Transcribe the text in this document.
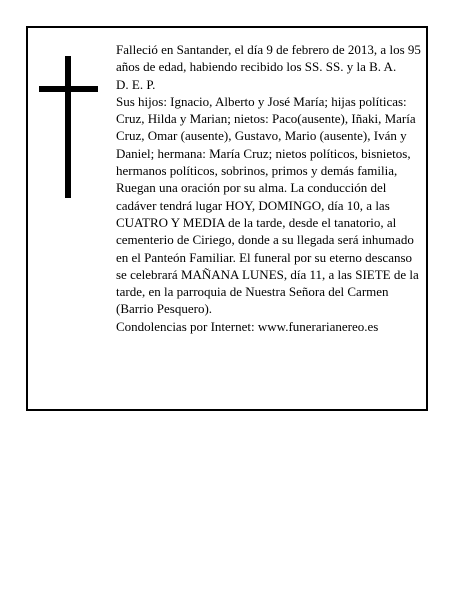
Falleció en Santander, el día 9 de febrero de 2013, a los 95 años de edad, habiendo recibido los SS. SS. y la B. A.

D. E. P.

Sus hijos: Ignacio, Alberto y José María; hijas políticas: Cruz, Hilda y Marian; nietos: Paco(ausente), Iñaki, María Cruz, Omar (ausente), Gustavo, Mario (ausente), Iván y Daniel; hermana: María Cruz; nietos políticos, bisnietos, hermanos políticos, sobrinos, primos y demás familia,

Ruegan una oración por su alma. La conducción del cadáver tendrá lugar HOY, DOMINGO, día 10, a las CUATRO Y MEDIA de la tarde, desde el tanatorio, al cementerio de Ciriego, donde a su llegada será inhumado en el Panteón Familiar. El funeral por su eterno descanso se celebrará MAÑANA LUNES, día 11, a las SIETE de la tarde, en la parroquia de Nuestra Señora del Carmen (Barrio Pesquero).

Condolencias por Internet: www.funerarianereo.es
